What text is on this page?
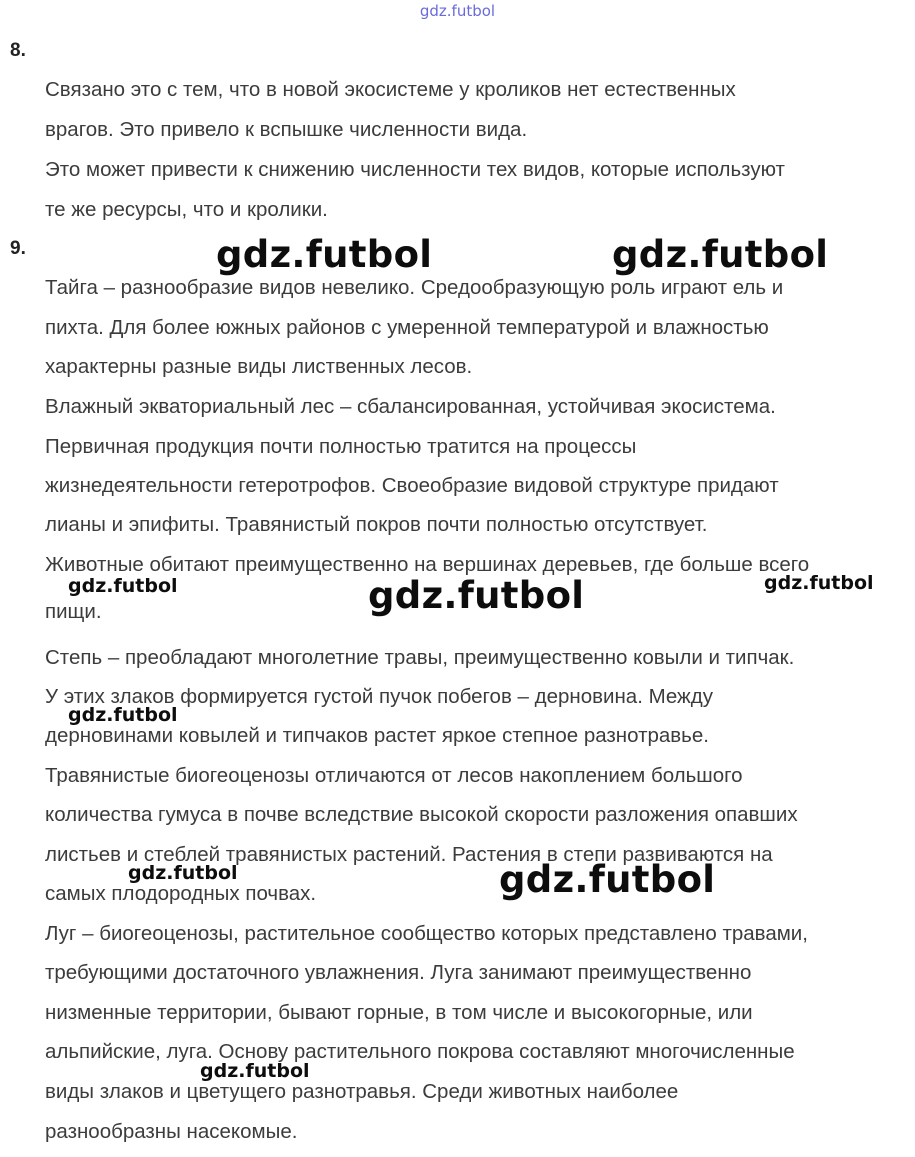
gdz.futbol
8.
Связано это с тем, что в новой экосистеме у кроликов нет естественных
врагов. Это привело к вспышке численности вида.
Это может привести к снижению численности тех видов, которые используют
те же ресурсы, что и кролики.
9.
Тайга – разнообразие видов невелико. Средообразующую роль играют ель и
пихта. Для более южных районов с умеренной температурой и влажностью
характерны разные виды лиственных лесов.
Влажный экваториальный лес – сбалансированная, устойчивая экосистема.
Первичная продукция почти полностью тратится на процессы
жизнедеятельности гетеротрофов. Своеобразие видовой структуре придают
лианы и эпифиты. Травянистый покров почти полностью отсутствует.
Животные обитают преимущественно на вершинах деревьев, где больше всего
пищи.
Степь – преобладают многолетние травы, преимущественно ковыли и типчак.
У этих злаков формируется густой пучок побегов – дерновина. Между
дерновинами ковылей и типчаков растет яркое степное разнотравье.
Травянистые биогеоценозы отличаются от лесов накоплением большого
количества гумуса в почве вследствие высокой скорости разложения опавших
листьев и стеблей травянистых растений. Растения в степи развиваются на
самых плодородных почвах.
Луг – биогеоценозы, растительное сообщество которых представлено травами,
требующими достаточного увлажнения. Луга занимают преимущественно
низменные территории, бывают горные, в том числе и высокогорные, или
альпийские, луга. Основу растительного покрова составляют многочисленные
виды злаков и цветущего разнотравья. Среди животных наиболее
разнообразны насекомые.
gdz.futbol	gdz.futbol
gdz.futbol	gdz.futbol	gdz.futbol
gdz.futbol
gdz.futbol	gdz.futbol
gdz.futbol
